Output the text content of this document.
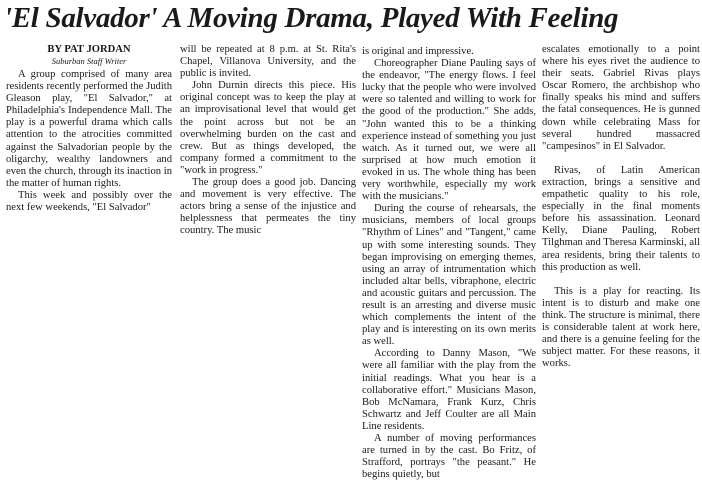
'El Salvador' A Moving Drama, Played With Feeling

BY PAT JORDAN

Suburban Staff Writer

A group comprised of many area residents recently performed the Judith Gleason play, "El Salvador," at Philadelphia's Independence Mall. The play is a powerful drama which calls attention to the atrocities committed against the Salvadorian people by the oligarchy, wealthy landowners and even the church, through its inaction in the matter of human rights.

This week and possibly over the next few weekends, "El Salvador"

will be repeated at 8 p.m. at St. Rita's Chapel, Villanova University, and the public is invited.

John Durnin directs this piece. His original concept was to keep the play at an improvisational level that would get the point across but not be an overwhelming burden on the cast and crew. But as things developed, the company formed a commitment to the "work in progress."

The group does a good job. Dancing and movement is very effective. The actors bring a sense of the injustice and helplessness that permeates the tiny country. The music

is original and impressive.

Choreographer Diane Pauling says of the endeavor, "The energy flows. I feel lucky that the people who were involved were so talented and willing to work for the good of the production." She adds, "John wanted this to be a thinking experience instead of something you just watch. As it turned out, we were all surprised at how much emotion it evoked in us. The whole thing has been very worthwhile, especially my work with the musicians."

During the course of rehearsals, the musicians, members of local groups "Rhythm of Lines" and "Tangent," came up with some interesting sounds. They began improvising on emerging themes, using an array of intrumentation which included altar bells, vibraphone, electric and acoustic guitars and percussion. The result is an arresting and diverse music which complements the intent of the play and is interesting on its own merits as well.

According to Danny Mason, "We were all familiar with the play from the initial readings. What you hear is a collaborative effort." Musicians Mason, Bob McNamara, Frank Kurz, Chris Schwartz and Jeff Coulter are all Main Line residents.

A number of moving performances are turned in by the cast. Bo Fritz, of Strafford, portrays "the peasant." He begins quietly, but

escalates emotionally to a point where his eyes rivet the audience to their seats. Gabriel Rivas plays Oscar Romero, the archbishop who finally speaks his mind and suffers the fatal consequences. He is gunned down while celebrating Mass for several hundred massacred "campesinos" in El Salvador.

Rivas, of Latin American extraction, brings a sensitive and empathetic quality to his role, especially in the final moments before his assassination. Leonard Kelly, Diane Pauling, Robert Tilghman and Theresa Karminski, all area residents, bring their talents to this production as well.

This is a play for reacting. Its intent is to disturb and make one think. The structure is minimal, there is considerable talent at work here, and there is a genuine feeling for the subject matter. For these reasons, it works.
